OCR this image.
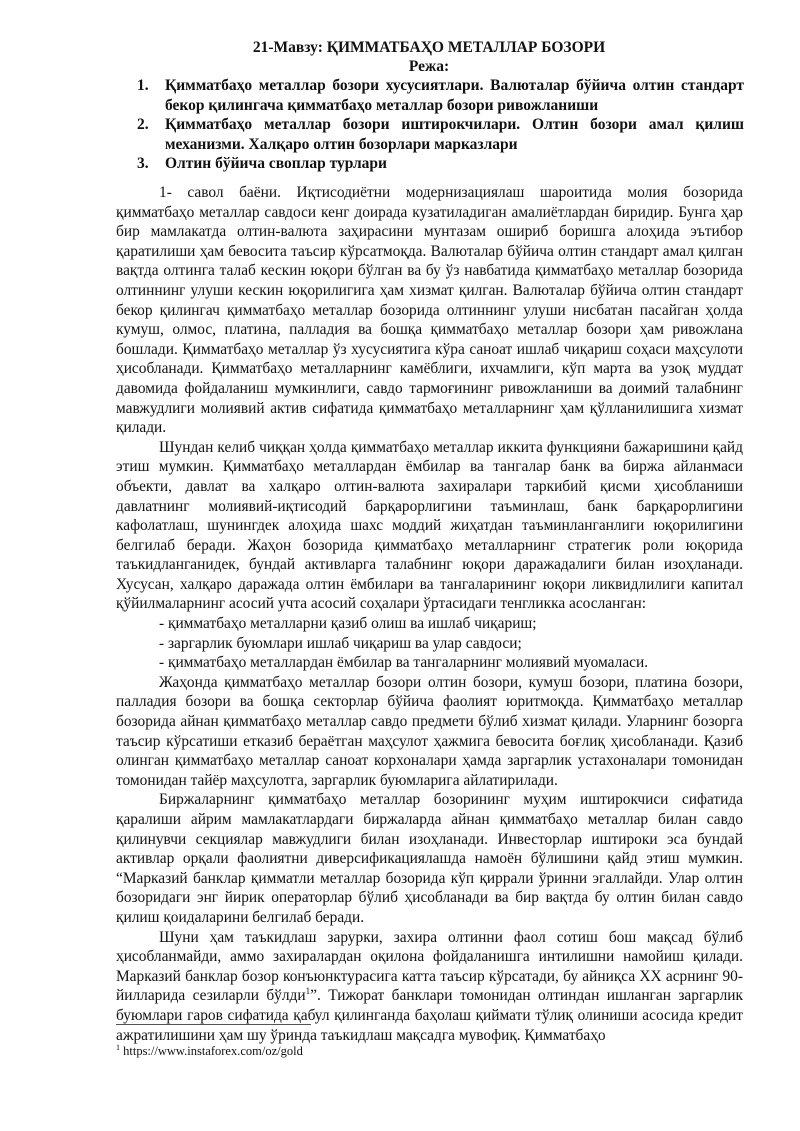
21-Мавзу: ҚИММАТБАҲО МЕТАЛЛАР БОЗОРИ
Режа:
1. Қимматбаҳо металлар бозори хусусиятлари. Валюталар бўйича олтин стандарт бекор қилингача қимматбаҳо металлар бозори ривожланиши
2. Қимматбаҳо металлар бозори иштирокчилари. Олтин бозори амал қилиш механизми. Халқаро олтин бозорлари марказлари
3. Олтин бўйича своплар турлари

1- савол баёни. Иқтисодиётни модернизациялаш шароитида молия бозорида қимматбаҳо металлар савдоси кенг доирада кузатиладиган амалиётлардан биридир. Бунга ҳар бир мамлакатда олтин-валюта заҳирасини мунтазам ошириб боришга алоҳида эътибор қаратилиши ҳам бевосита таъсир кўрсатмоқда. Валюталар бўйича олтин стандарт амал қилган вақтда олтинга талаб кескин юқори бўлган ва бу ўз навбатида қимматбаҳо металлар бозорида олтиннинг улуши кескин юқорилигига ҳам хизмат қилган. Валюталар бўйича олтин стандарт бекор қилингач қимматбаҳо металлар бозорида олтиннинг улуши нисбатан пасайган ҳолда кумуш, олмос, платина, палладия ва бошқа қимматбаҳо металлар бозори ҳам ривожлана бошлади. Қимматбаҳо металлар ўз хусусиятига кўра саноат ишлаб чиқариш соҳаси маҳсулоти ҳисобланади. Қимматбаҳо металларнинг камёблиги, ихчамлиги, кўп марта ва узоқ муддат давомида фойдаланиш мумкинлиги, савдо тармоғининг ривожланиши ва доимий талабнинг мавжудлиги молиявий актив сифатида қимматбаҳо металларнинг ҳам қўлланилишига хизмат қилади.

Шундан келиб чиққан ҳолда қимматбаҳо металлар иккита функцияни бажаришини қайд этиш мумкин. Қимматбаҳо металлардан ёмбилар ва тангалар банк ва биржа айланмаси объекти, давлат ва халқаро олтин-валюта захиралари таркибий қисми ҳисобланиши давлатнинг молиявий-иқтисодий барқарорлигини таъминлаш, банк барқарорлигини кафолатлаш, шунингдек алоҳида шахс моддий жиҳатдан таъминланганлиги юқорилигини белгилаб беради. Жаҳон бозорида қимматбаҳо металларнинг стратегик роли юқорида таъкидланганидек, бундай активларга талабнинг юқори даражадалиги билан изоҳланади. Хусусан, халқаро даражада олтин ёмбилари ва тангаларининг юқори ликвидлилиги капитал қўйилмаларнинг асосий учта асосий соҳалари ўртасидаги тенгликка асосланган:

- қимматбаҳо металларни қазиб олиш ва ишлаб чиқариш;

- заргарлик буюмлари ишлаб чиқариш ва улар савдоси;

- қимматбаҳо металлардан ёмбилар ва тангаларнинг молиявий муомаласи.

Жаҳонда қимматбаҳо металлар бозори олтин бозори, кумуш бозори, платина бозори, палладия бозори ва бошқа секторлар бўйича фаолият юритмоқда. Қимматбаҳо металлар бозорида айнан қимматбаҳо металлар савдо предмети бўлиб хизмат қилади. Уларнинг бозорга таъсир кўрсатиши етказиб бераётган маҳсулот ҳажмига бевосита боғлиқ ҳисобланади. Қазиб олинган қимматбаҳо металлар саноат корхоналари ҳамда заргарлик устахоналари томонидан томонидан тайёр маҳсулотга, заргарлик буюмларига айлатирилади.

Биржаларнинг қимматбаҳо металлар бозорининг муҳим иштирокчиси сифатида қаралиши айрим мамлакатлардаги биржаларда айнан қимматбаҳо металлар билан савдо қилинувчи секциялар мавжудлиги билан изоҳланади. Инвесторлар иштироки эса бундай активлар орқали фаолиятни диверсификациялашда намоён бўлишини қайд этиш мумкин. “Марказий банклар қимматли металлар бозорида кўп қиррали ўринни эгаллайди. Улар олтин бозоридаги энг йирик операторлар бўлиб ҳисобланади ва бир вақтда бу олтин билан савдо қилиш қоидаларини белгилаб беради.

Шуни ҳам таъкидлаш зарурки, захира олтинни фаол сотиш бош мақсад бўлиб ҳисобланмайди, аммо захиралардан оқилона фойдаланишга интилишни намойиш қилади. Марказий банклар бозор конъюнктурасига катта таъсир кўрсатади, бу айниқса XX асрнинг 90-йилларида сезиларли бўлди$^1$”. Тижорат банклари томонидан олтиндан ишланган заргарлик буюмлари гаров сифатида қабул қилинганда баҳолаш қиймати тўлиқ олиниши асосида кредит ажратилишини ҳам шу ўринда таъкидлаш мақсадга мувофиқ. Қимматбаҳо

$^1$ https://www.instaforex.com/oz/gold
